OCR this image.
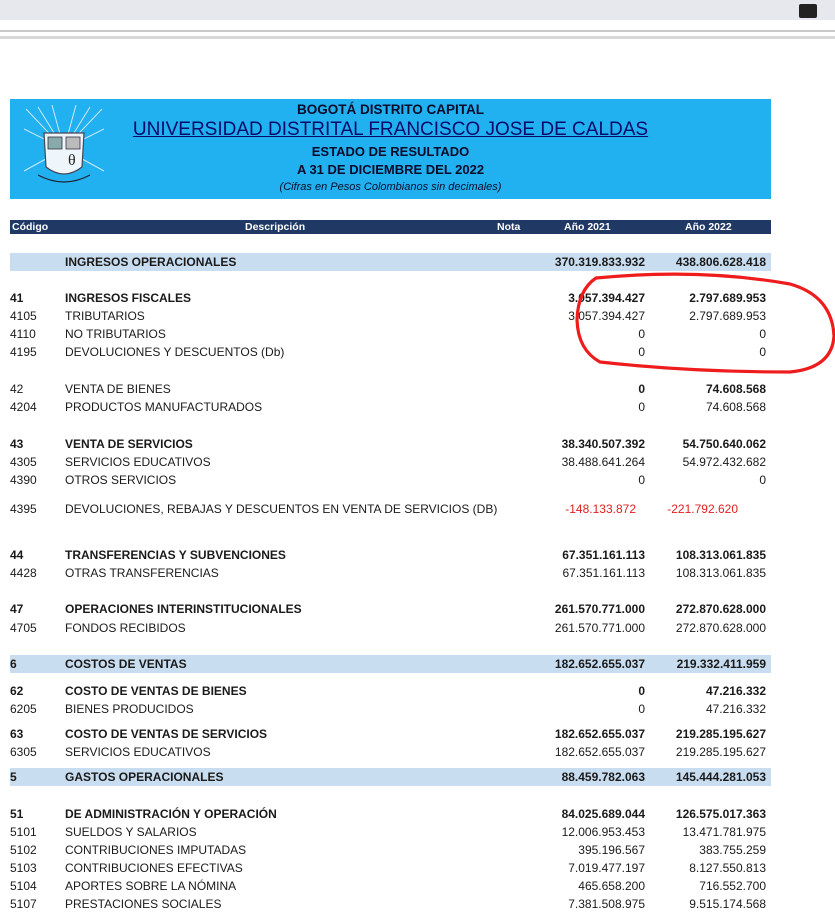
θ
BOGOTÁ DISTRITO CAPITAL
UNIVERSIDAD DISTRITAL FRANCISCO JOSE DE CALDAS
ESTADO DE RESULTADO
A 31 DE DICIEMBRE DEL 2022
(Cifras en Pesos Colombianos sin decimales)
Código	Descripción	Nota	Año 2021	Año 2022
INGRESOS OPERACIONALES	370.319.833.932	438.806.628.418
41	INGRESOS FISCALES	3.057.394.427	2.797.689.953
4105 TRIBUTARIOS	3.057.394.427	2.797.689.953
4110 NO TRIBUTARIOS	0	0
4195 DEVOLUCIONES Y DESCUENTOS (Db)	0	0
42	VENTA DE BIENES	0	74.608.568
4204 PRODUCTOS MANUFACTURADOS	0	74.608.568
43	VENTA DE SERVICIOS	38.340.507.392	54.750.640.062
4305 SERVICIOS EDUCATIVOS	38.488.641.264	54.972.432.682
4390 OTROS SERVICIOS	0	0
4395 DEVOLUCIONES, REBAJAS Y DESCUENTOS EN VENTA DE SERVICIOS (DB)	-148.133.872	-221.792.620
44	TRANSFERENCIAS Y SUBVENCIONES	67.351.161.113	108.313.061.835
4428 OTRAS TRANSFERENCIAS	67.351.161.113	108.313.061.835
47	OPERACIONES INTERINSTITUCIONALES	261.570.771.000	272.870.628.000
4705 FONDOS RECIBIDOS	261.570.771.000	272.870.628.000
6	COSTOS DE VENTAS	182.652.655.037	219.332.411.959
62	COSTO DE VENTAS DE BIENES	0	47.216.332
6205 BIENES PRODUCIDOS	0	47.216.332
63	COSTO DE VENTAS DE SERVICIOS	182.652.655.037	219.285.195.627
6305 SERVICIOS EDUCATIVOS	182.652.655.037	219.285.195.627
5	GASTOS OPERACIONALES	88.459.782.063	145.444.281.053
51	DE ADMINISTRACIÓN Y OPERACIÓN	84.025.689.044	126.575.017.363
5101 SUELDOS Y SALARIOS	12.006.953.453	13.471.781.975
5102 CONTRIBUCIONES IMPUTADAS	395.196.567	383.755.259
5103 CONTRIBUCIONES EFECTIVAS	7.019.477.197	8.127.550.813
5104 APORTES SOBRE LA NÓMINA	465.658.200	716.552.700
5107 PRESTACIONES SOCIALES	7.381.508.975	9.515.174.568
